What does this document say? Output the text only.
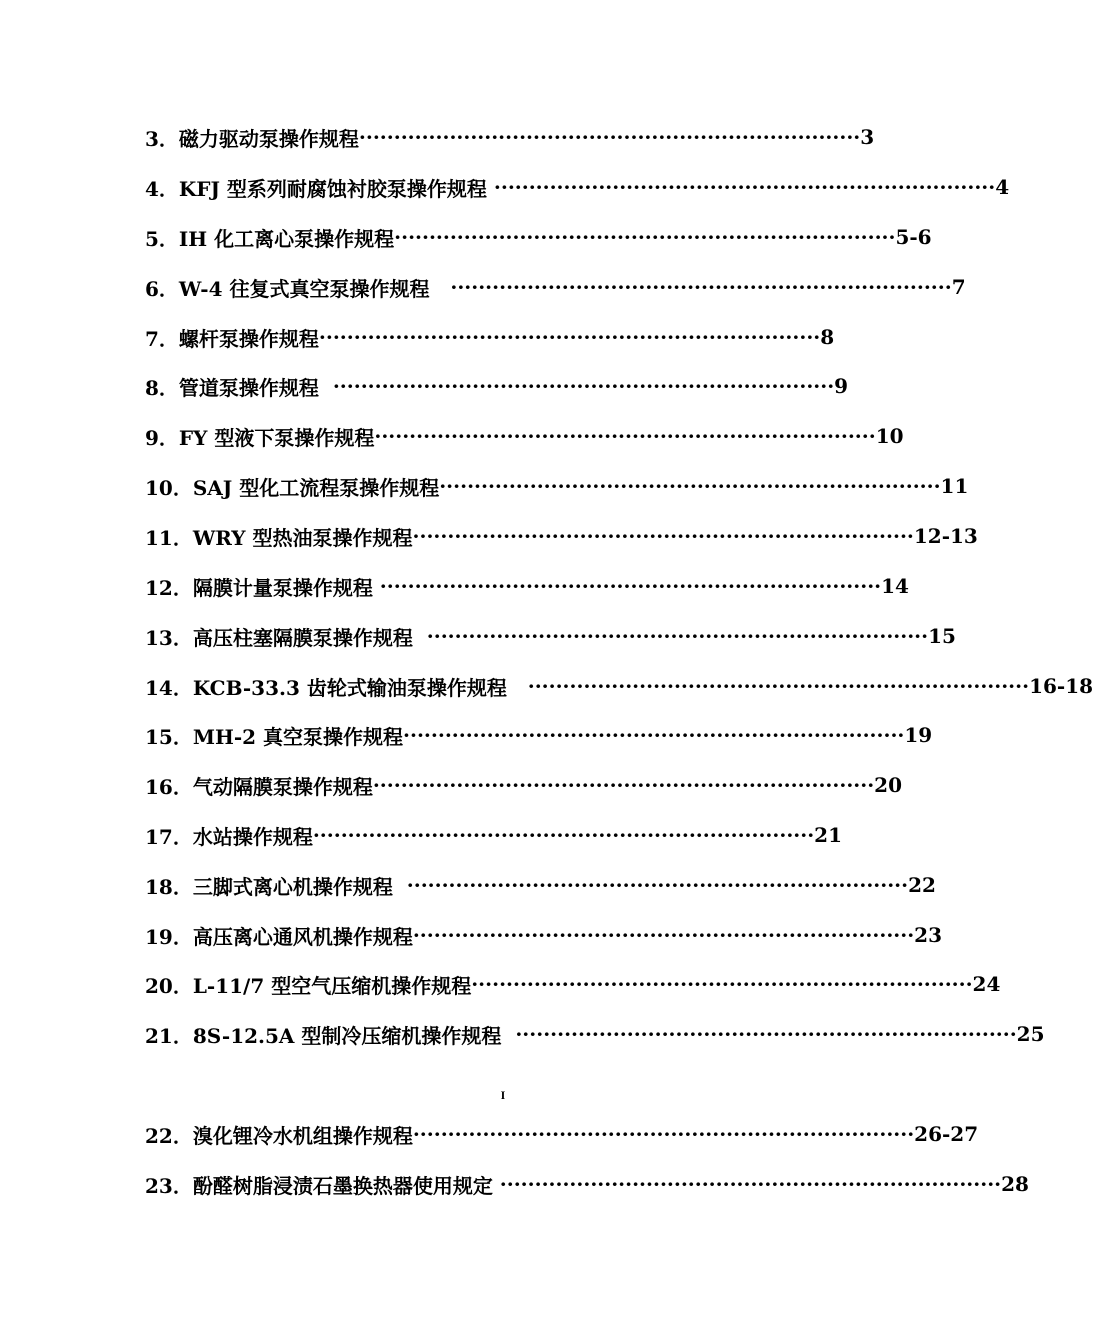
3．磁力驱动泵操作规程 ········································································ 3
4．KFJ 型系列耐腐蚀衬胶泵操作规程 ········································································ 4
5．IH 化工离心泵操作规程 ········································································ 5-6
6．W-4 往复式真空泵操作规程 ········································································ 7
7．螺杆泵操作规程 ········································································ 8
8．管道泵操作规程 ········································································ 9
9．FY 型液下泵操作规程 ········································································ 10
10．SAJ 型化工流程泵操作规程 ········································································ 11
11．WRY 型热油泵操作规程 ········································································ 12-13
12．隔膜计量泵操作规程 ········································································ 14
13．高压柱塞隔膜泵操作规程 ········································································ 15
14．KCB-33.3 齿轮式输油泵操作规程 ········································································ 16-18
15．MH-2 真空泵操作规程 ········································································ 19
16．气动隔膜泵操作规程 ········································································ 20
17．水站操作规程 ········································································ 21
18．三脚式离心机操作规程 ········································································ 22
19．高压离心通风机操作规程 ········································································ 23
20．L-11/7 型空气压缩机操作规程 ········································································ 24
21．8S-12.5A 型制冷压缩机操作规程 ········································································ 25
I
22．溴化锂冷水机组操作规程 ········································································ 26-27
23．酚醛树脂浸渍石墨换热器使用规定 ········································································ 28
